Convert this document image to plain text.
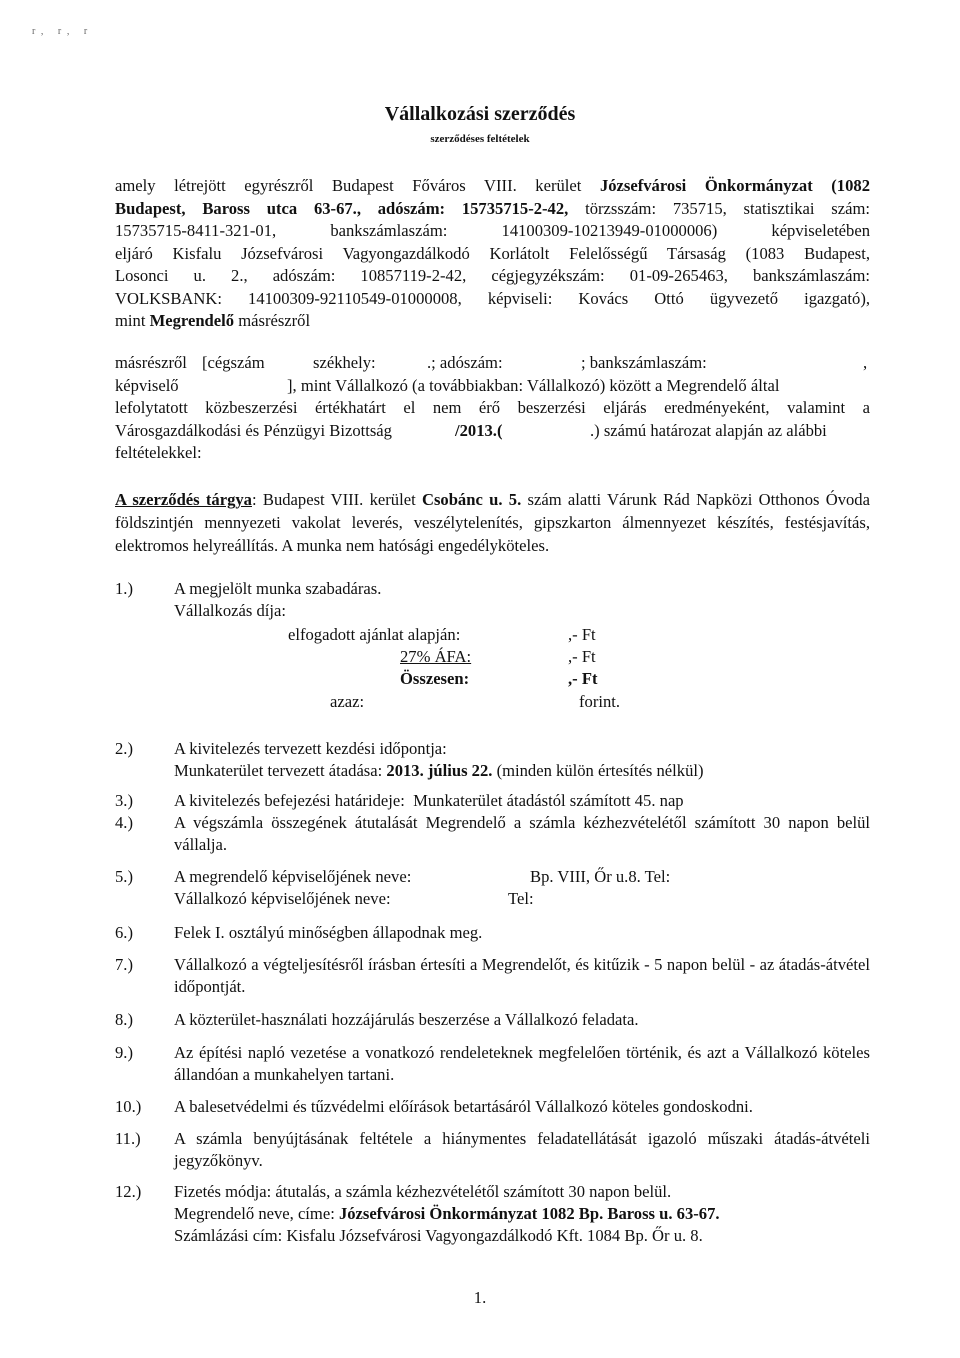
r, r, r
Vállalkozási szerződés
szerződéses feltételek
amely létrejött egyrészről Budapest Főváros VIII. kerület Józsefvárosi Önkormányzat (1082
Budapest, Baross utca 63-67., adószám: 15735715-2-42, törzsszám: 735715, statisztikai szám:
15735715-8411-321-01, bankszámlaszám: 14100309-10213949-01000006) képviseletében
eljáró Kisfalu Józsefvárosi Vagyongazdálkodó Korlátolt Felelősségű Társaság (1083 Budapest,
Losonci u. 2., adószám: 10857119-2-42, cégjegyzékszám: 01-09-265463, bankszámlaszám:
VOLKSBANK: 14100309-92110549-01000008, képviseli: Kovács Ottó ügyvezető igazgató),
mint Megrendelő másrészről
másrészről [cégszám	székhely:	.; adószám:	; bankszámlaszám:	,
képviselő	], mint Vállalkozó (a továbbiakban: Vállalkozó) között a Megrendelő által
lefolytatott közbeszerzési értékhatárt el nem érő beszerzési eljárás eredményeként, valamint a
Városgazdálkodási és Pénzügyi Bizottság	/2013.(	.) számú határozat alapján az alábbi
feltételekkel:
A szerződés tárgya: Budapest VIII. kerület Csobánc u. 5. szám alatti Várunk Rád Napközi Otthonos Óvoda földszintjén mennyezeti vakolat leverés, veszélytelenítés, gipszkarton álmennyezet készítés, festésjavítás, elektromos helyreállítás. A munka nem hatósági engedélyköteles.
1.) A megjelölt munka szabadáras.
Vállalkozás díja:
elfogadott ajánlat alapján:	,- Ft
27% ÁFA:	,- Ft
Összesen:	,- Ft
azaz:	forint.
2.) A kivitelezés tervezett kezdési időpontja:
Munkaterület tervezett átadása: 2013. július 22. (minden külön értesítés nélkül)
3.) A kivitelezés befejezési határideje:  Munkaterület átadástól számított 45. nap
4.) A végszámla összegének átutalását Megrendelő a számla kézhezvételétől számított 30 napon belül vállalja.
5.) A megrendelő képviselőjének neve:	Bp. VIII, Őr u.8. Tel:
Vállalkozó képviselőjének neve:	Tel:
6.) Felek I. osztályú minőségben állapodnak meg.
7.) Vállalkozó a végteljesítésről írásban értesíti a Megrendelőt, és kitűzik - 5 napon belül - az átadás-átvétel időpontját.
8.) A közterület-használati hozzájárulás beszerzése a Vállalkozó feladata.
9.) Az építési napló vezetése a vonatkozó rendeleteknek megfelelően történik, és azt a Vállalkozó köteles állandóan a munkahelyen tartani.
10.) A balesetvédelmi és tűzvédelmi előírások betartásáról Vállalkozó köteles gondoskodni.
11.) A számla benyújtásának feltétele a hiánymentes feladatellátását igazoló műszaki átadás-átvételi jegyzőkönyv.
12.) Fizetés módja: átutalás, a számla kézhezvételétől számított 30 napon belül.
Megrendelő neve, címe: Józsefvárosi Önkormányzat 1082 Bp. Baross u. 63-67.
Számlázási cím: Kisfalu Józsefvárosi Vagyongazdálkodó Kft. 1084 Bp. Őr u. 8.
1.
